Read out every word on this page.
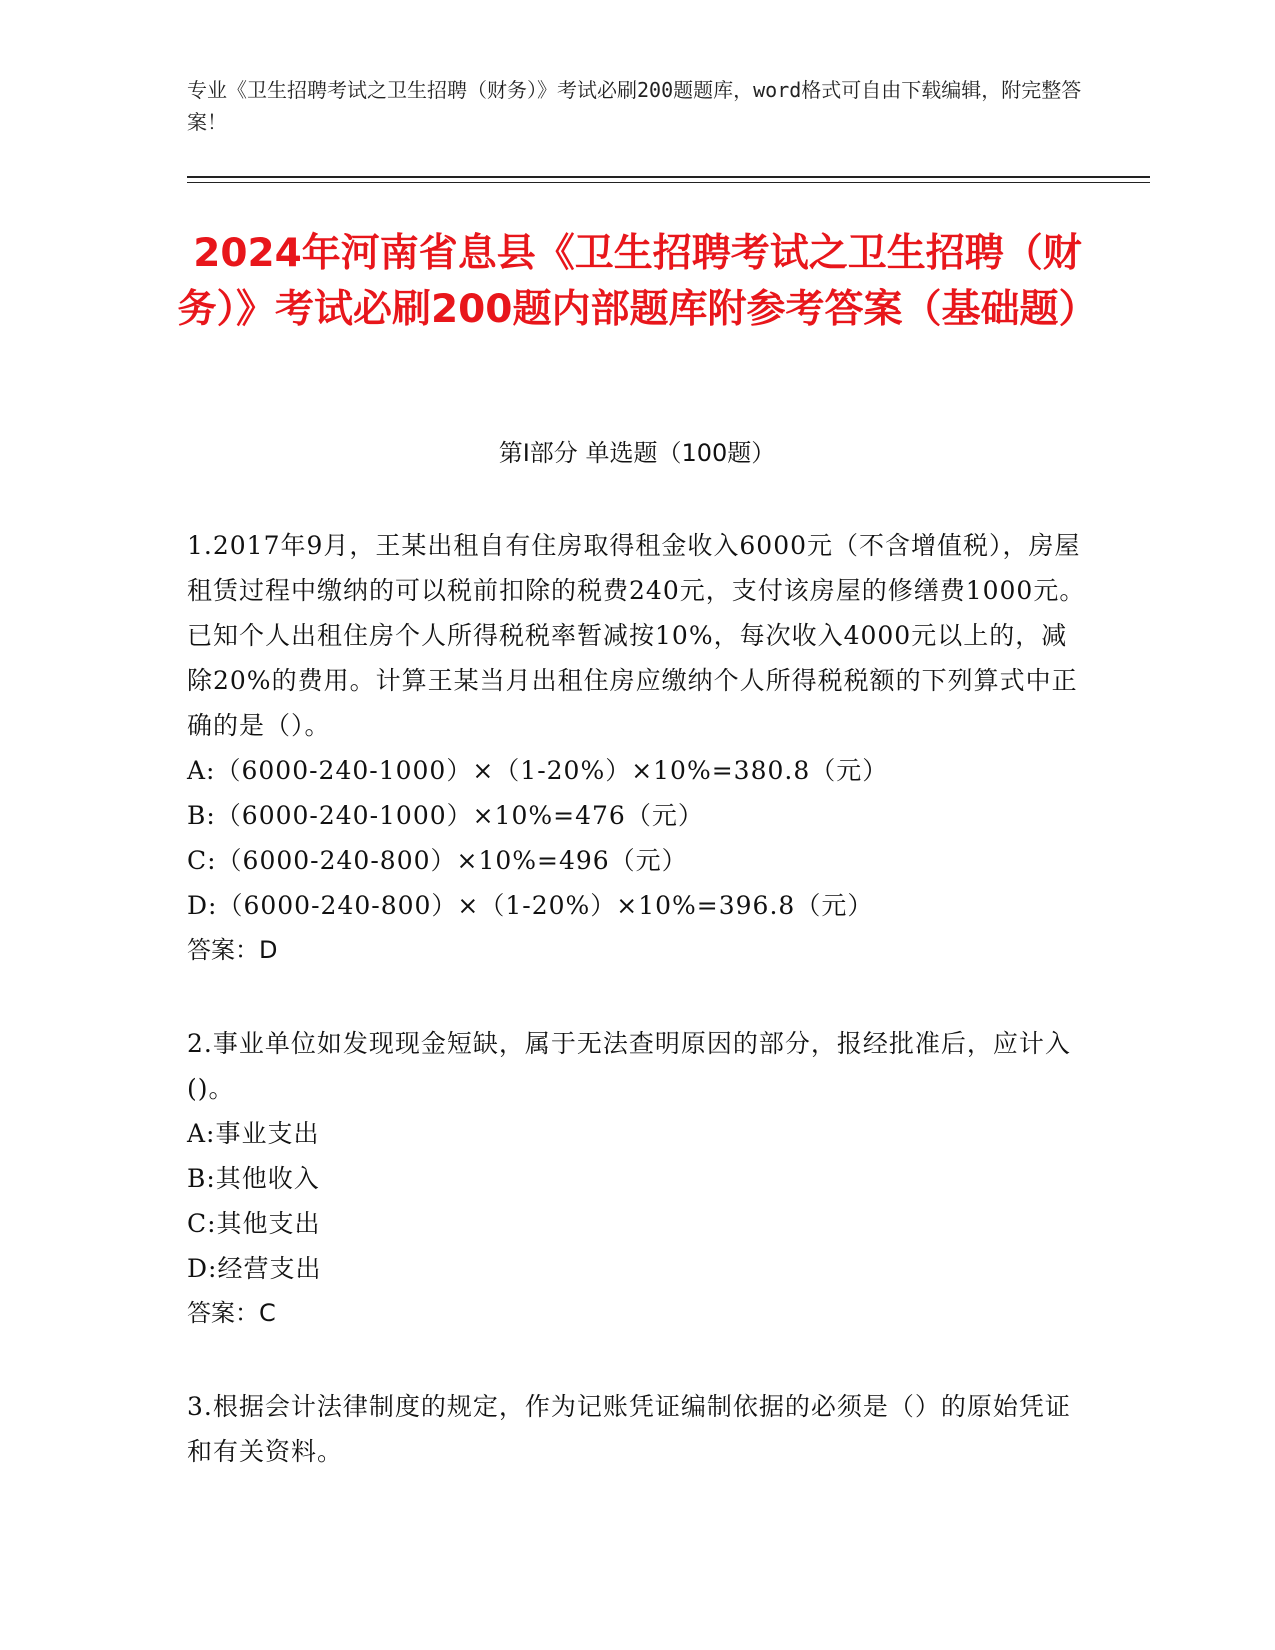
专业《卫生招聘考试之卫生招聘（财务）》考试必刷200题题库，word格式可自由下载编辑，附完整答案！
2024年河南省息县《卫生招聘考试之卫生招聘（财务）》考试必刷200题内部题库附参考答案（基础题）
第Ⅰ部分 单选题（100题）
1.2017年9月，王某出租自有住房取得租金收入6000元（不含增值税），房屋租赁过程中缴纳的可以税前扣除的税费240元，支付该房屋的修缮费1000元。已知个人出租住房个人所得税税率暂减按10%，每次收入4000元以上的，减除20%的费用。计算王某当月出租住房应缴纳个人所得税税额的下列算式中正确的是（）。
A:（6000-240-1000）×（1-20%）×10%=380.8（元）
B:（6000-240-1000）×10%=476（元）
C:（6000-240-800）×10%=496（元）
D:（6000-240-800）×（1-20%）×10%=396.8（元）
答案：D
2.事业单位如发现现金短缺，属于无法查明原因的部分，报经批准后，应计入()。
A:事业支出
B:其他收入
C:其他支出
D:经营支出
答案：C
3.根据会计法律制度的规定，作为记账凭证编制依据的必须是（）的原始凭证和有关资料。
